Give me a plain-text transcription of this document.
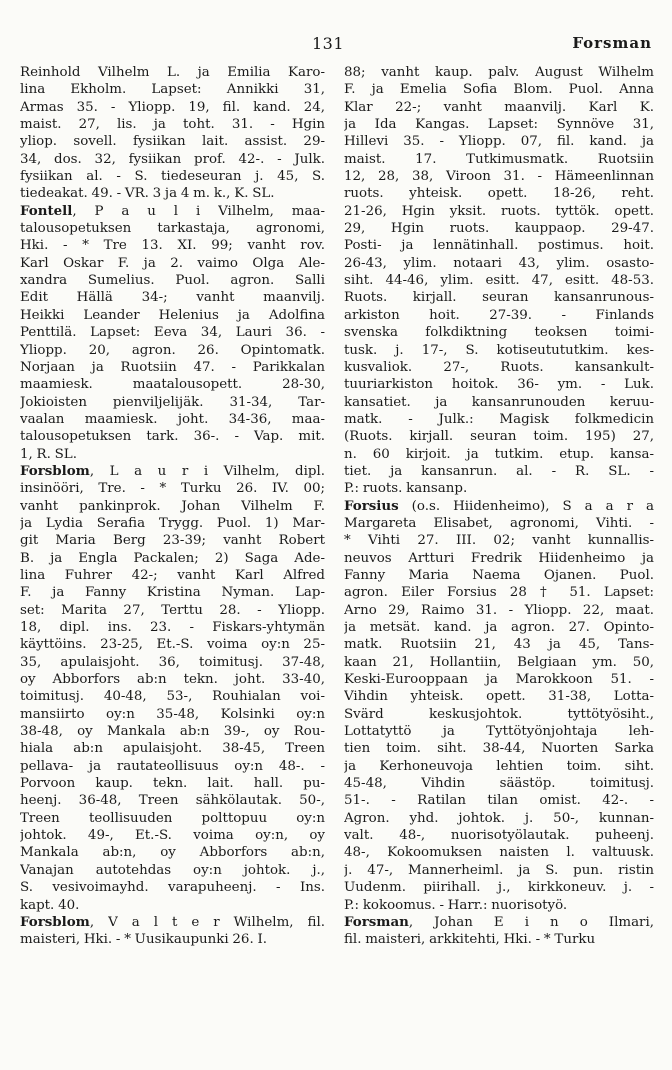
131	Forsman
Reinhold Vilhelm L. ja Emilia Karo-
lina Ekholm. Lapset: Annikki 31,
Armas 35. - Yliopp. 19, fil. kand. 24,
maist. 27, lis. ja toht. 31. - Hgin
yliop. sovell. fysiikan lait. assist. 29-
34, dos. 32, fysiikan prof. 42-. - Julk.
fysiikan al. - S. tiedeseuran j. 45, S.
tiedeakat. 49. - VR. 3 ja 4 m. k., K. SL.
Fontell, P a u l i Vilhelm, maa-
talousopetuksen tarkastaja, agronomi,
Hki. - * Tre 13. XI. 99; vanht rov.
Karl Oskar F. ja 2. vaimo Olga Ale-
xandra Sumelius. Puol. agron. Salli
Edit Hällä 34-; vanht maanvilj.
Heikki Leander Helenius ja Adolfina
Penttilä. Lapset: Eeva 34, Lauri 36. -
Yliopp. 20, agron. 26. Opintomatk.
Norjaan ja Ruotsiin 47. - Parikkalan
maamiesk. maatalousopett. 28-30,
Jokioisten pienviljelijäk. 31-34, Tar-
vaalan maamiesk. joht. 34-36, maa-
talousopetuksen tark. 36-. - Vap. mit.
1, R. SL.
Forsblom, L a u r i Vilhelm, dipl.
insinööri, Tre. - * Turku 26. IV. 00;
vanht pankinprok. Johan Vilhelm F.
ja Lydia Serafia Trygg. Puol. 1) Mar-
git Maria Berg 23-39; vanht Robert
B. ja Engla Packalen; 2) Saga Ade-
lina Fuhrer 42-; vanht Karl Alfred
F. ja Fanny Kristina Nyman. Lap-
set: Marita 27, Terttu 28. - Yliopp.
18, dipl. ins. 23. - Fiskars-yhtymän
käyttöins. 23-25, Et.-S. voima oy:n 25-
35, apulaisjoht. 36, toimitusj. 37-48,
oy Abborfors ab:n tekn. joht. 33-40,
toimitusj. 40-48, 53-, Rouhialan voi-
mansiirto oy:n 35-48, Kolsinki oy:n
38-48, oy Mankala ab:n 39-, oy Rou-
hiala ab:n apulaisjoht. 38-45, Treen
pellava- ja rautateollisuus oy:n 48-. -
Porvoon kaup. tekn. lait. hall. pu-
heenj. 36-48, Treen sähkölautak. 50-,
Treen teollisuuden polttopuu oy:n
johtok. 49-, Et.-S. voima oy:n, oy
Mankala ab:n, oy Abborfors ab:n,
Vanajan autotehdas oy:n johtok. j.,
S. vesivoimayhd. varapuheenj. - Ins.
kapt. 40.
Forsblom, V a l t e r Wilhelm, fil.
maisteri, Hki. - * Uusikaupunki 26. I.
88; vanht kaup. palv. August Wilhelm
F. ja Emelia Sofia Blom. Puol. Anna
Klar 22-; vanht maanvilj. Karl K.
ja Ida Kangas. Lapset: Synnöve 31,
Hillevi 35. - Yliopp. 07, fil. kand. ja
maist. 17. Tutkimusmatk. Ruotsiin
12, 28, 38, Viroon 31. - Hämeenlinnan
ruots. yhteisk. opett. 18-26, reht.
21-26, Hgin yksit. ruots. tyttök. opett.
29, Hgin ruots. kauppaop. 29-47.
Posti- ja lennätinhall. postimus. hoit.
26-43, ylim. notaari 43, ylim. osasto-
siht. 44-46, ylim. esitt. 47, esitt. 48-53.
Ruots. kirjall. seuran kansanrunous-
arkiston hoit. 27-39. - Finlands
svenska folkdiktning teoksen toimi-
tusk. j. 17-, S. kotiseutututkim. kes-
kusvaliok. 27-, Ruots. kansankult-
tuuriarkiston hoitok. 36- ym. - Luk.
kansatiet. ja kansanrunouden keruu-
matk. - Julk.: Magisk folkmedicin
(Ruots. kirjall. seuran toim. 195) 27,
n. 60 kirjoit. ja tutkim. etup. kansa-
tiet. ja kansanrun. al. - R. SL. -
P.: ruots. kansanp.
Forsius (o.s. Hiidenheimo), S a a r a
Margareta Elisabet, agronomi, Vihti. -
* Vihti 27. III. 02; vanht kunnallis-
neuvos Artturi Fredrik Hiidenheimo ja
Fanny Maria Naema Ojanen. Puol.
agron. Eiler Forsius 28 † 51. Lapset:
Arno 29, Raimo 31. - Yliopp. 22, maat.
ja metsät. kand. ja agron. 27. Opinto-
matk. Ruotsiin 21, 43 ja 45, Tans-
kaan 21, Hollantiin, Belgiaan ym. 50,
Keski-Eurooppaan ja Marokkoon 51. -
Vihdin yhteisk. opett. 31-38, Lotta-
Svärd keskusjohtok. tyttötyösiht.,
Lottatyttö ja Tyttötyönjohtaja leh-
tien toim. siht. 38-44, Nuorten Sarka
ja Kerhoneuvoja lehtien toim. siht.
45-48, Vihdin säästöp. toimitusj.
51-. - Ratilan tilan omist. 42-. -
Agron. yhd. johtok. j. 50-, kunnan-
valt. 48-, nuorisotyölautak. puheenj.
48-, Kokoomuksen naisten l. valtuusk.
j. 47-, Mannerheiml. ja S. pun. ristin
Uudenm. piirihall. j., kirkkoneuv. j. -
P.: kokoomus. - Harr.: nuorisotyö.
Forsman, Johan E i n o Ilmari,
fil. maisteri, arkkitehti, Hki. - * Turku
